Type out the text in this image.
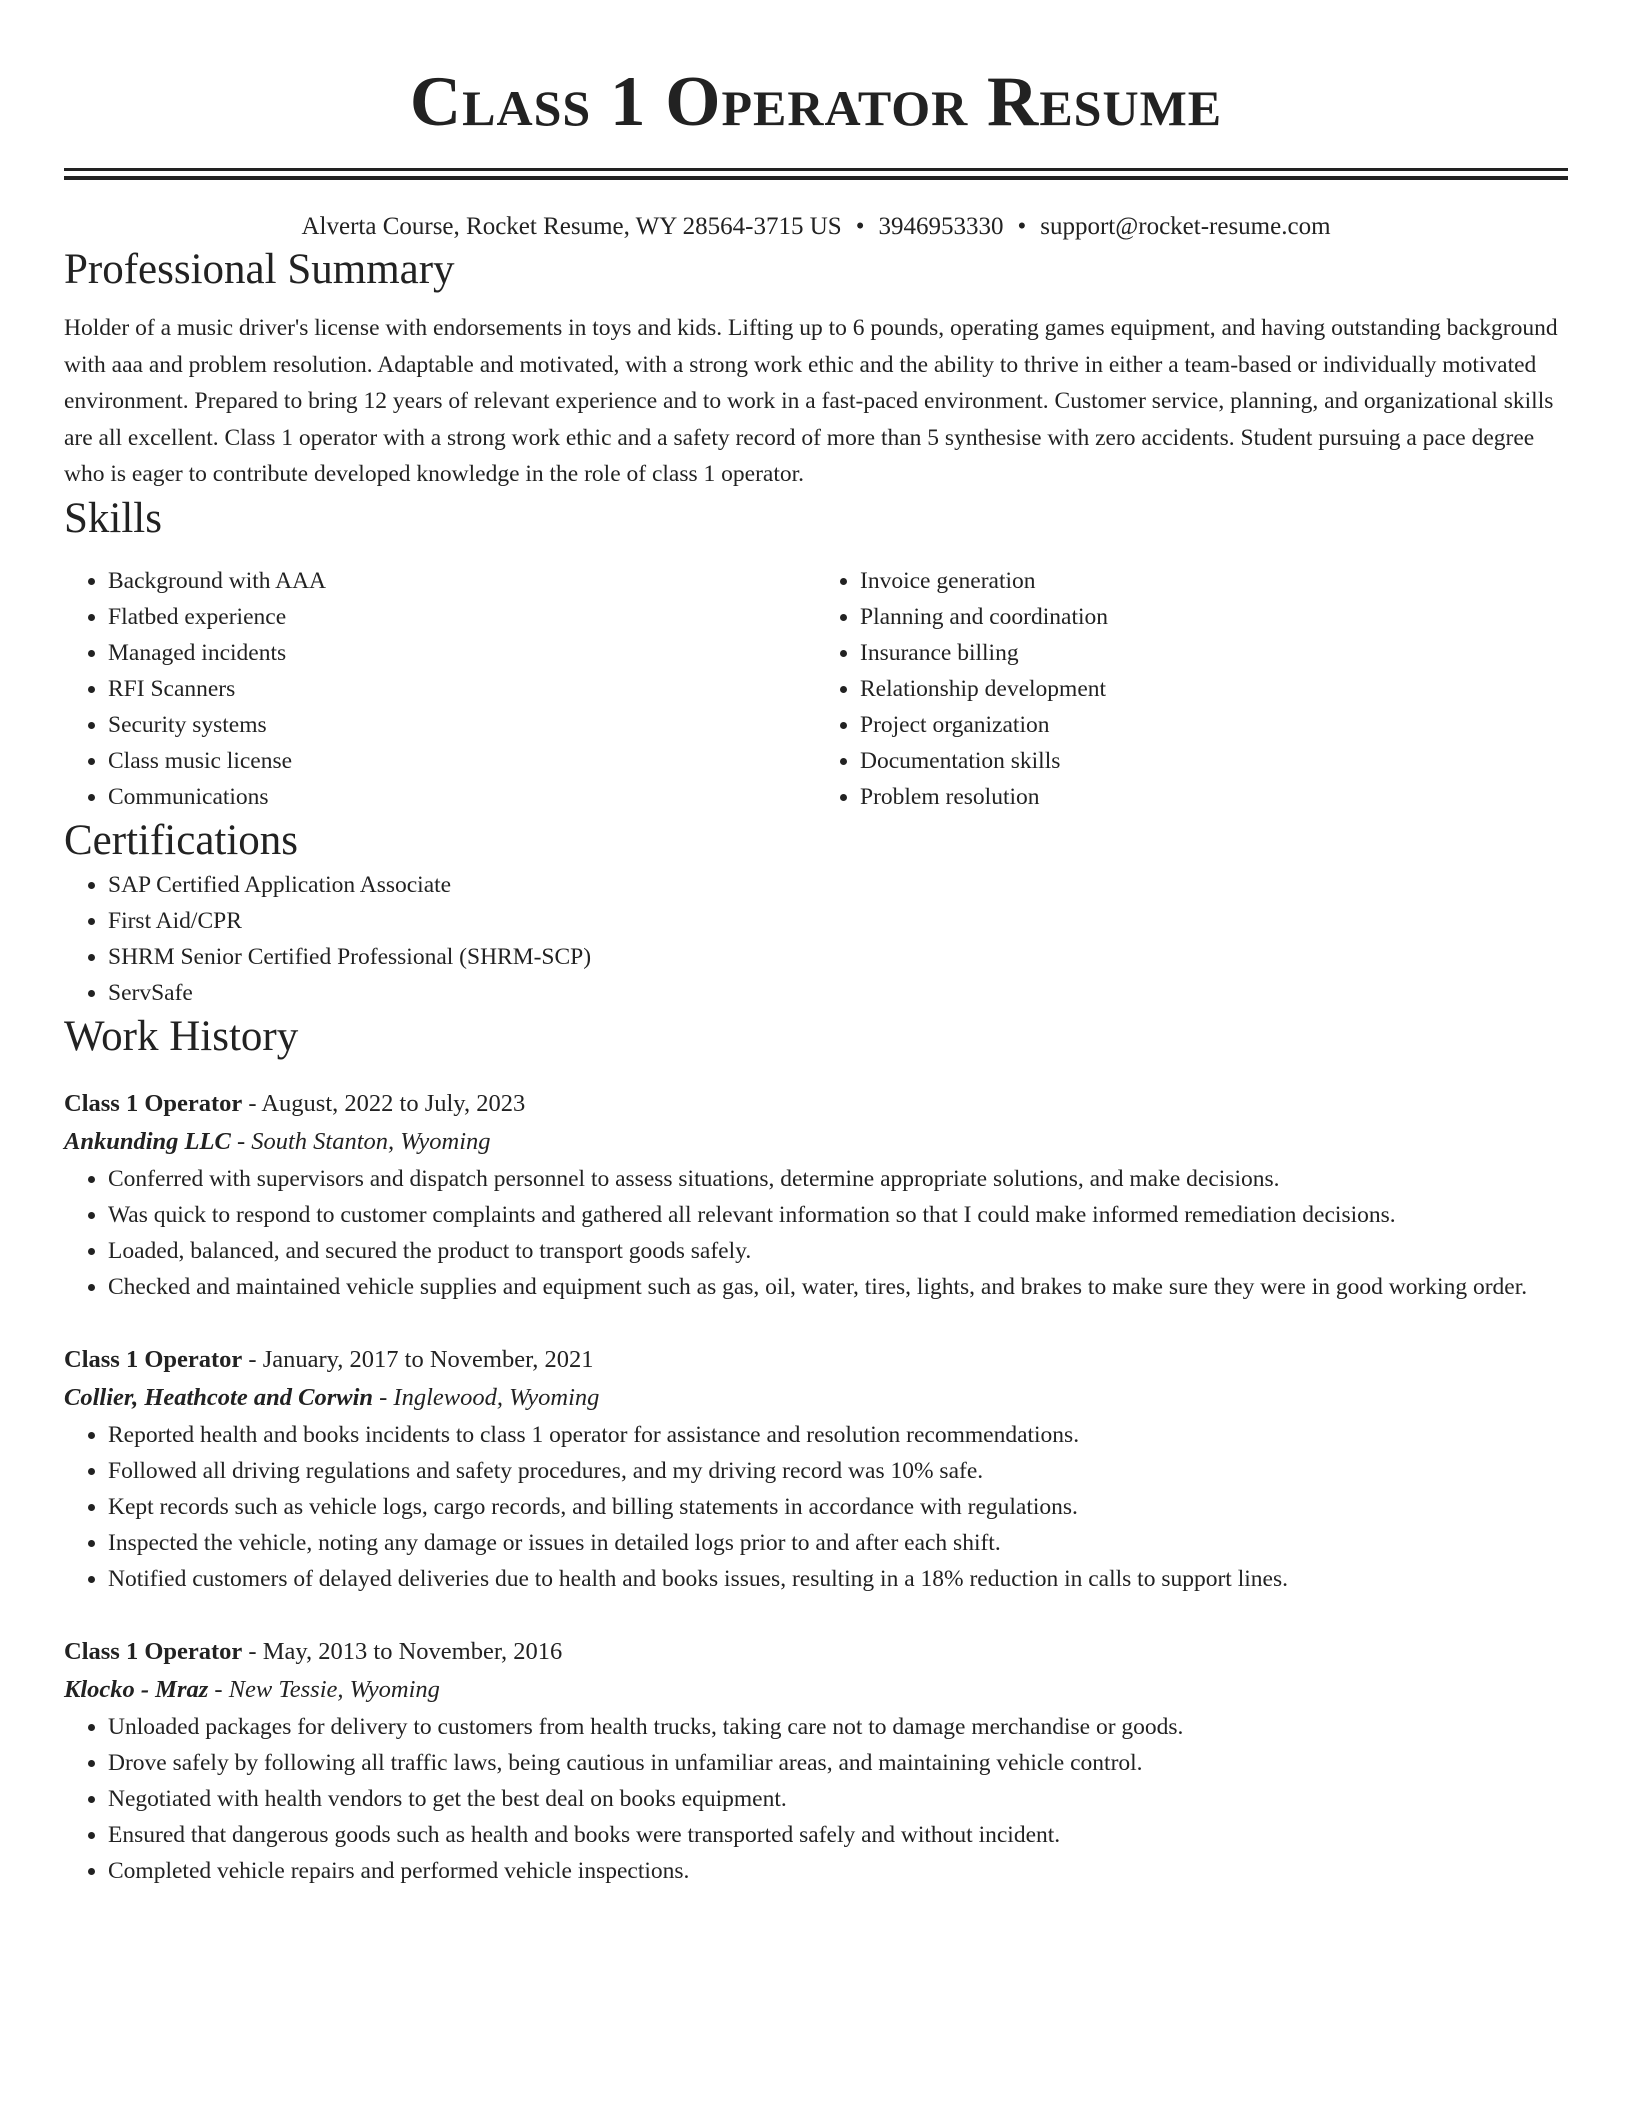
Class 1 Operator Resume
Alverta Course, Rocket Resume, WY 28564-3715 US • 3946953330 • support@rocket-resume.com
Professional Summary

Holder of a music driver's license with endorsements in toys and kids. Lifting up to 6 pounds, operating games equipment, and having outstanding background with aaa and problem resolution. Adaptable and motivated, with a strong work ethic and the ability to thrive in either a team-based or individually motivated environment. Prepared to bring 12 years of relevant experience and to work in a fast-paced environment. Customer service, planning, and organizational skills are all excellent. Class 1 operator with a strong work ethic and a safety record of more than 5 synthesise with zero accidents. Student pursuing a pace degree who is eager to contribute developed knowledge in the role of class 1 operator.

Skills
• Background with AAA
• Flatbed experience
• Managed incidents
• RFI Scanners
• Security systems
• Class music license
• Communications
• Invoice generation
• Planning and coordination
• Insurance billing
• Relationship development
• Project organization
• Documentation skills
• Problem resolution
Certifications
• SAP Certified Application Associate
• First Aid/CPR
• SHRM Senior Certified Professional (SHRM-SCP)
• ServSafe
Work History
Class 1 Operator - August, 2022 to July, 2023
Ankunding LLC - South Stanton, Wyoming
• Conferred with supervisors and dispatch personnel to assess situations, determine appropriate solutions, and make decisions.
• Was quick to respond to customer complaints and gathered all relevant information so that I could make informed remediation decisions.
• Loaded, balanced, and secured the product to transport goods safely.
• Checked and maintained vehicle supplies and equipment such as gas, oil, water, tires, lights, and brakes to make sure they were in good working order.
Class 1 Operator - January, 2017 to November, 2021
Collier, Heathcote and Corwin - Inglewood, Wyoming
• Reported health and books incidents to class 1 operator for assistance and resolution recommendations.
• Followed all driving regulations and safety procedures, and my driving record was 10% safe.
• Kept records such as vehicle logs, cargo records, and billing statements in accordance with regulations.
• Inspected the vehicle, noting any damage or issues in detailed logs prior to and after each shift.
• Notified customers of delayed deliveries due to health and books issues, resulting in a 18% reduction in calls to support lines.
Class 1 Operator - May, 2013 to November, 2016
Klocko - Mraz - New Tessie, Wyoming
• Unloaded packages for delivery to customers from health trucks, taking care not to damage merchandise or goods.
• Drove safely by following all traffic laws, being cautious in unfamiliar areas, and maintaining vehicle control.
• Negotiated with health vendors to get the best deal on books equipment.
• Ensured that dangerous goods such as health and books were transported safely and without incident.
• Completed vehicle repairs and performed vehicle inspections.
